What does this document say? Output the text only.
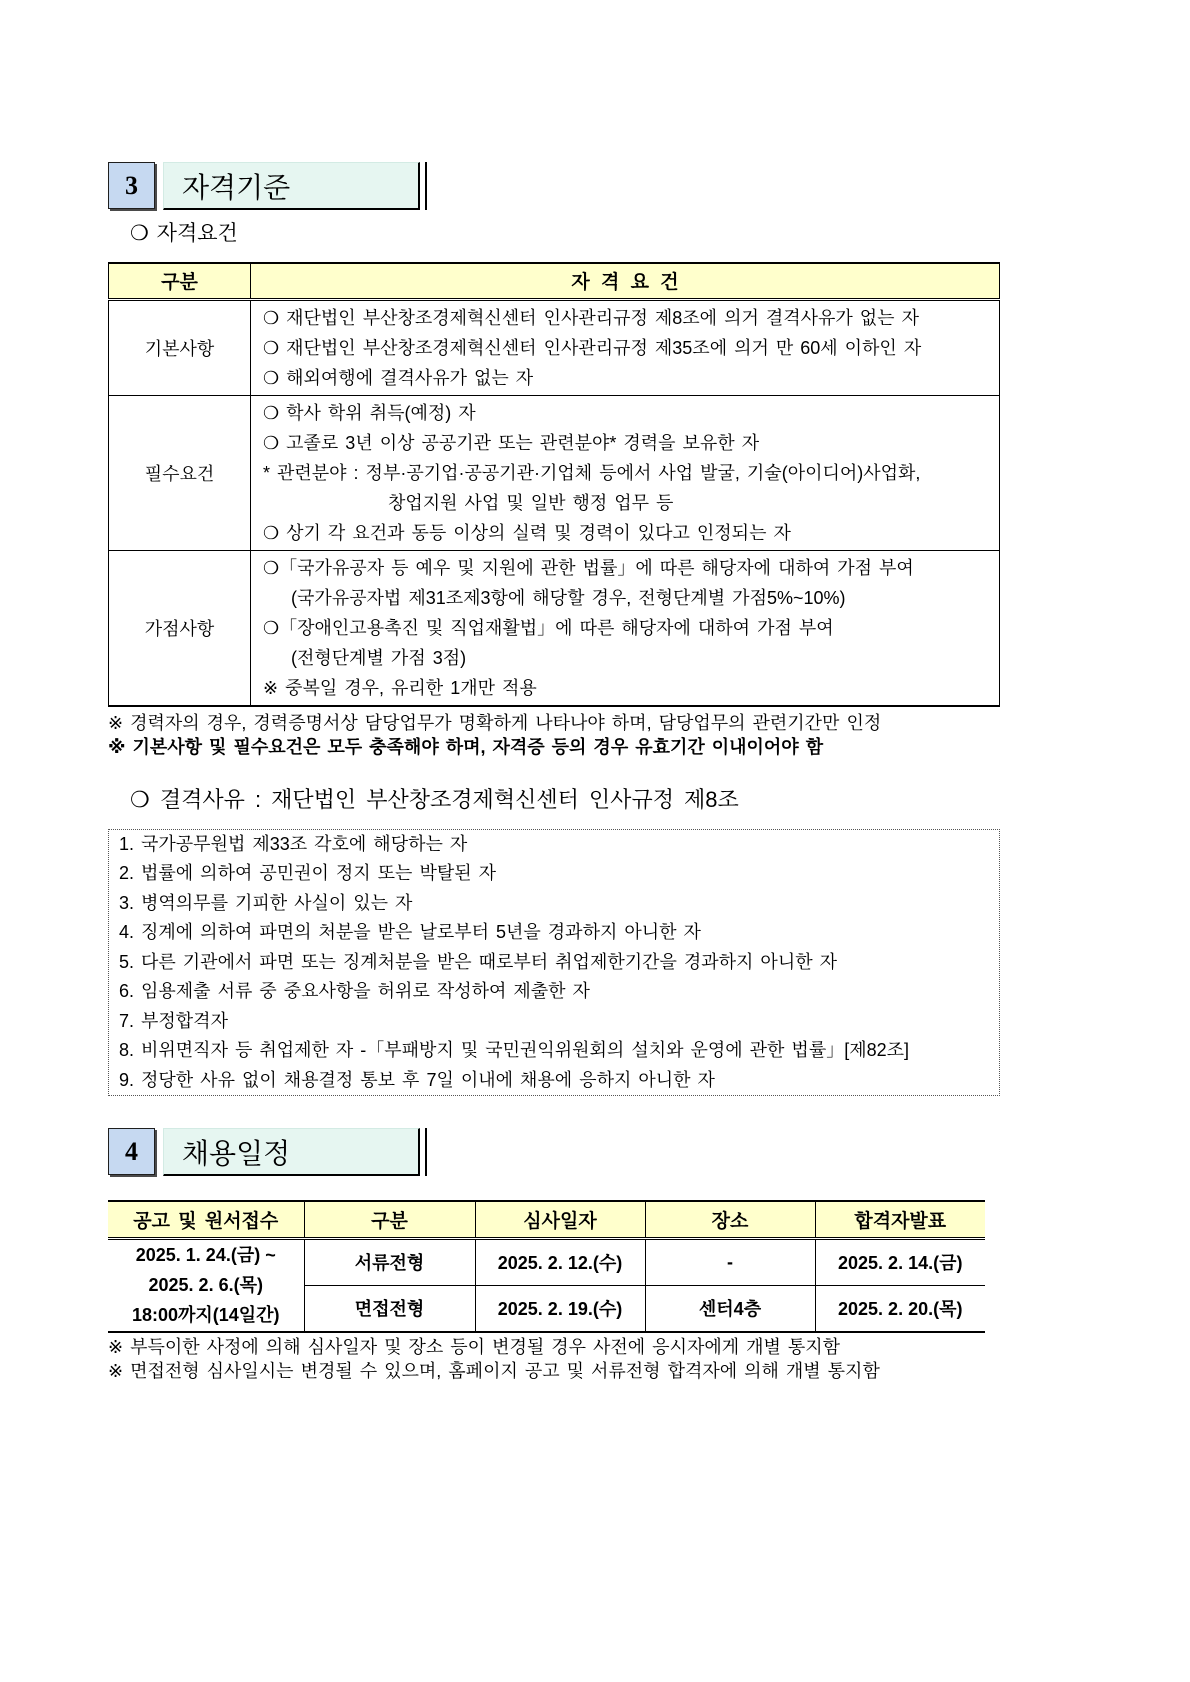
3	자격기준
❍ 자격요건
구분	자 격 요 건
기본사항	❍ 재단법인 부산창조경제혁신센터 인사관리규정 제8조에 의거 결격사유가 없는 자
❍ 재단법인 부산창조경제혁신센터 인사관리규정 제35조에 의거 만 60세 이하인 자
❍ 해외여행에 결격사유가 없는 자

필수요건	❍ 학사 학위 취득(예정) 자
❍ 고졸로 3년 이상 공공기관 또는 관련분야* 경력을 보유한 자
* 관련분야 : 정부·공기업·공공기관·기업체 등에서 사업 발굴, 기술(아이디어)사업화,
창업지원 사업 및 일반 행정 업무 등
❍ 상기 각 요건과 동등 이상의 실력 및 경력이 있다고 인정되는 자

가점사항	❍「국가유공자 등 예우 및 지원에 관한 법률」에 따른 해당자에 대하여 가점 부여
(국가유공자법 제31조제3항에 해당할 경우, 전형단계별 가점5%~10%)
❍「장애인고용촉진 및 직업재활법」에 따른 해당자에 대하여 가점 부여
(전형단계별 가점 3점)
※ 중복일 경우, 유리한 1개만 적용
※ 경력자의 경우, 경력증명서상 담당업무가 명확하게 나타나야 하며, 담당업무의 관련기간만 인정
※ 기본사항 및 필수요건은 모두 충족해야 하며, 자격증 등의 경우 유효기간 이내이어야 함
❍ 결격사유 : 재단법인 부산창조경제혁신센터 인사규정 제8조
1. 국가공무원법 제33조 각호에 해당하는 자
2. 법률에 의하여 공민권이 정지 또는 박탈된 자
3. 병역의무를 기피한 사실이 있는 자
4. 징계에 의하여 파면의 처분을 받은 날로부터 5년을 경과하지 아니한 자
5. 다른 기관에서 파면 또는 징계처분을 받은 때로부터 취업제한기간을 경과하지 아니한 자
6. 임용제출 서류 중 중요사항을 허위로 작성하여 제출한 자
7. 부정합격자
8. 비위면직자 등 취업제한 자 -「부패방지 및 국민권익위원회의 설치와 운영에 관한 법률」[제82조]
9. 정당한 사유 없이 채용결정 통보 후 7일 이내에 채용에 응하지 아니한 자
4	채용일정
공고 및 원서접수	구분	심사일자	장소	합격자발표

2025. 1. 24.(금) ~
2025. 2. 6.(목)
18:00까지(14일간)	서류전형	2025. 2. 12.(수)	-	2025. 2. 14.(금)
	면접전형	2025. 2. 19.(수)	센터4층	2025. 2. 20.(목)
※ 부득이한 사정에 의해 심사일자 및 장소 등이 변경될 경우 사전에 응시자에게 개별 통지함
※ 면접전형 심사일시는 변경될 수 있으며, 홈페이지 공고 및 서류전형 합격자에 의해 개별 통지함
